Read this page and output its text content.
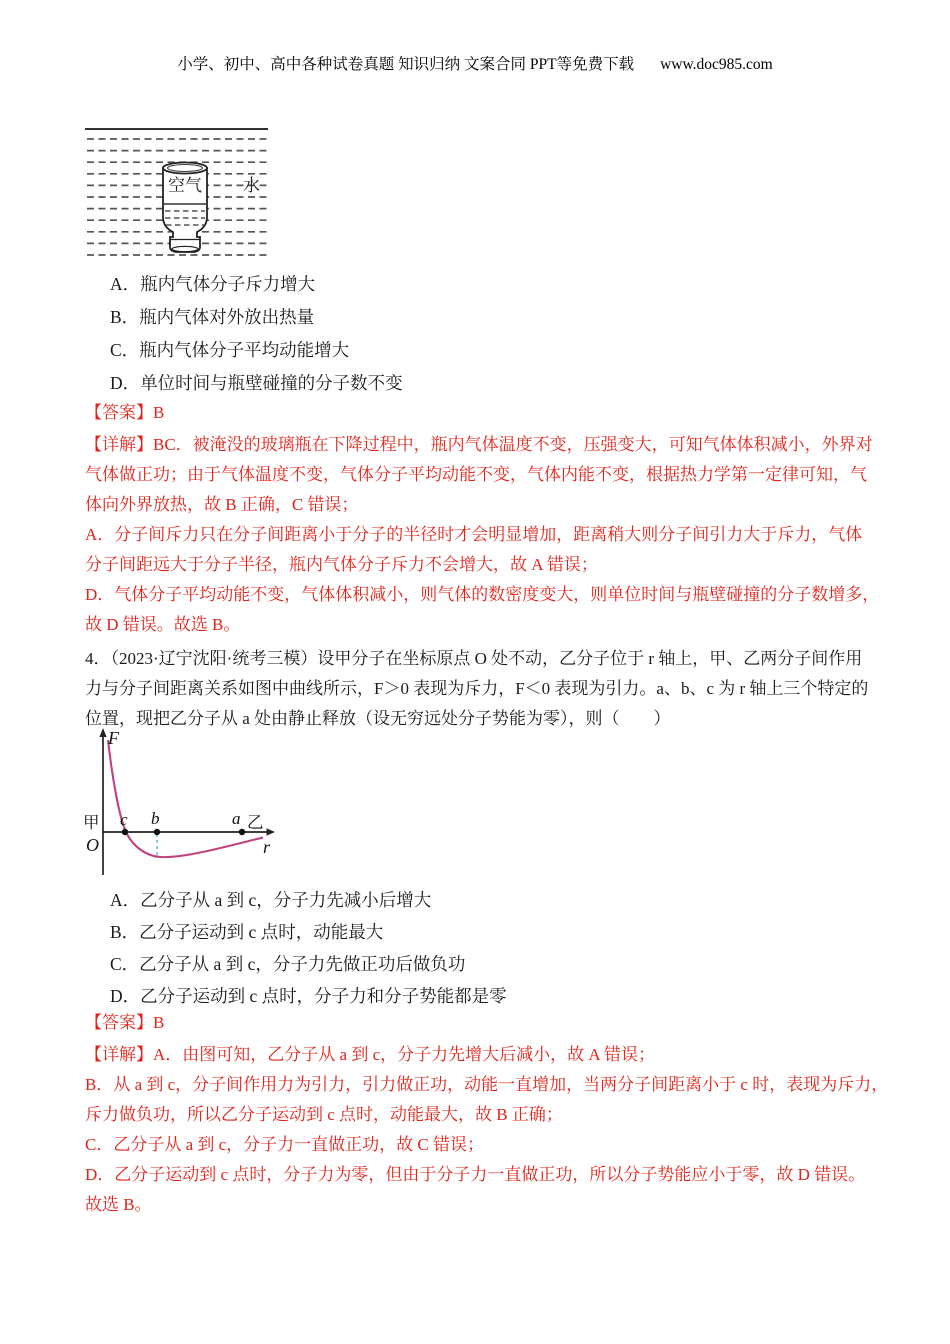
小学、初中、高中各种试卷真题 知识归纳 文案合同 PPT等免费下载 www.doc985.com
空气 水
A．瓶内气体分子斥力增大
B．瓶内气体对外放出热量
C．瓶内气体分子平均动能增大
D．单位时间与瓶壁碰撞的分子数不变
【答案】B
【详解】BC．被淹没的玻璃瓶在下降过程中，瓶内气体温度不变，压强变大，可知气体体积减小，外界对
气体做正功；由于气体温度不变，气体分子平均动能不变，气体内能不变，根据热力学第一定律可知，气
体向外界放热，故 B 正确，C 错误；
A．分子间斥力只在分子间距离小于分子的半径时才会明显增加，距离稍大则分子间引力大于斥力，气体
分子间距远大于分子半径，瓶内气体分子斥力不会增大，故 A 错误；
D．气体分子平均动能不变，气体体积减小，则气体的数密度变大，则单位时间与瓶壁碰撞的分子数增多，
故 D 错误。故选 B。
4．（2023·辽宁沈阳·统考三模）设甲分子在坐标原点 O 处不动，乙分子位于 r 轴上，甲、乙两分子间作用
力与分子间距离关系如图中曲线所示，F＞0 表现为斥力，F＜0 表现为引力。a、b、c 为 r 轴上三个特定的
位置，现把乙分子从 a 处由静止释放（设无穷远处分子势能为零），则（　　）
F
r
O
甲	乙
c b	a
A．乙分子从 a 到 c，分子力先减小后增大
B．乙分子运动到 c 点时，动能最大
C．乙分子从 a 到 c，分子力先做正功后做负功
D．乙分子运动到 c 点时，分子力和分子势能都是零
【答案】B
【详解】A．由图可知，乙分子从 a 到 c，分子力先增大后减小，故 A 错误；
B．从 a 到 c，分子间作用力为引力，引力做正功，动能一直增加，当两分子间距离小于 c 时，表现为斥力，
斥力做负功，所以乙分子运动到 c 点时，动能最大，故 B 正确；
C．乙分子从 a 到 c，分子力一直做正功，故 C 错误；
D．乙分子运动到 c 点时，分子力为零，但由于分子力一直做正功，所以分子势能应小于零，故 D 错误。
故选 B。
